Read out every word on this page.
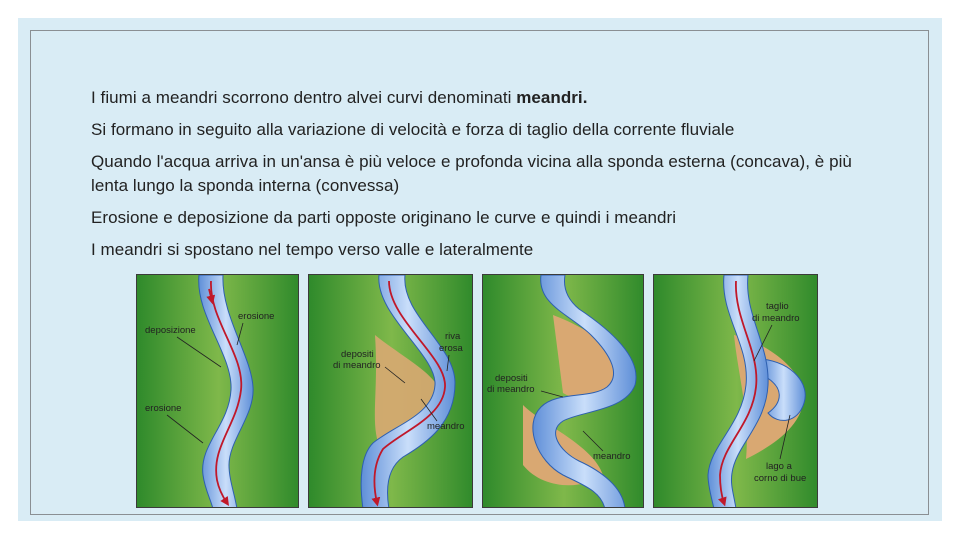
I fiumi a meandri scorrono dentro alvei curvi denominati meandri.
Si formano in seguito alla variazione di velocità e forza di taglio della corrente fluviale
Quando l'acqua arriva in un'ansa è più veloce e profonda vicina alla sponda esterna (concava), è più lenta lungo la sponda interna (convessa)
Erosione e deposizione da parti opposte originano le curve e quindi i meandri
I meandri si spostano nel tempo verso valle e lateralmente
erosione
deposizione
erosione
riva
erosa
depositi
di meandro
meandro
depositi
di meandro
meandro
taglio
di meandro
lago a
corno di bue
